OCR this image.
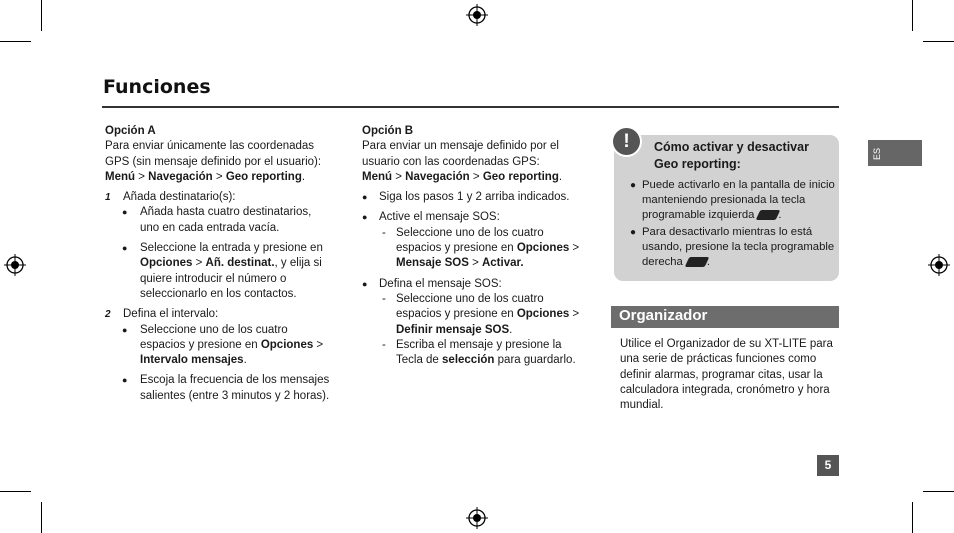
Funciones

Opción A

Para enviar únicamente las coordenadas GPS (sin mensaje definido por el usuario):

Menú > Navegación > Geo reporting.

1 Añada destinatario(s):
● Añada hasta cuatro destinatarios, uno en cada entrada vacía.
● Seleccione la entrada y presione en Opciones > Añ. destinat., y elija si quiere introducir el número o seleccionarlo en los contactos.
2 Defina el intervalo:
● Seleccione uno de los cuatro espacios y presione en Opciones > Intervalo mensajes.
● Escoja la frecuencia de los mensajes salientes (entre 3 minutos y 2 horas).

Opción B

Para enviar un mensaje definido por el usuario con las coordenadas GPS:

Menú > Navegación > Geo reporting.

● Siga los pasos 1 y 2 arriba indicados.
● Active el mensaje SOS:
- Seleccione uno de los cuatro espacios y presione en Opciones > Mensaje SOS > Activar.
● Defina el mensaje SOS:
- Seleccione uno de los cuatro espacios y presione en Opciones > Definir mensaje SOS.
- Escriba el mensaje y presione la Tecla de selección para guardarlo.
Cómo activar y desactivar Geo reporting:
● Puede activarlo en la pantalla de inicio manteniendo presionada la tecla programable izquierda .
● Para desactivarlo mientras lo está usando, presione la tecla programable derecha .
!
Organizador
Utilice el Organizador de su XT-LITE para una serie de prácticas funciones como definir alarmas, programar citas, usar la calculadora integrada, cronómetro y hora mundial.
ES
5
